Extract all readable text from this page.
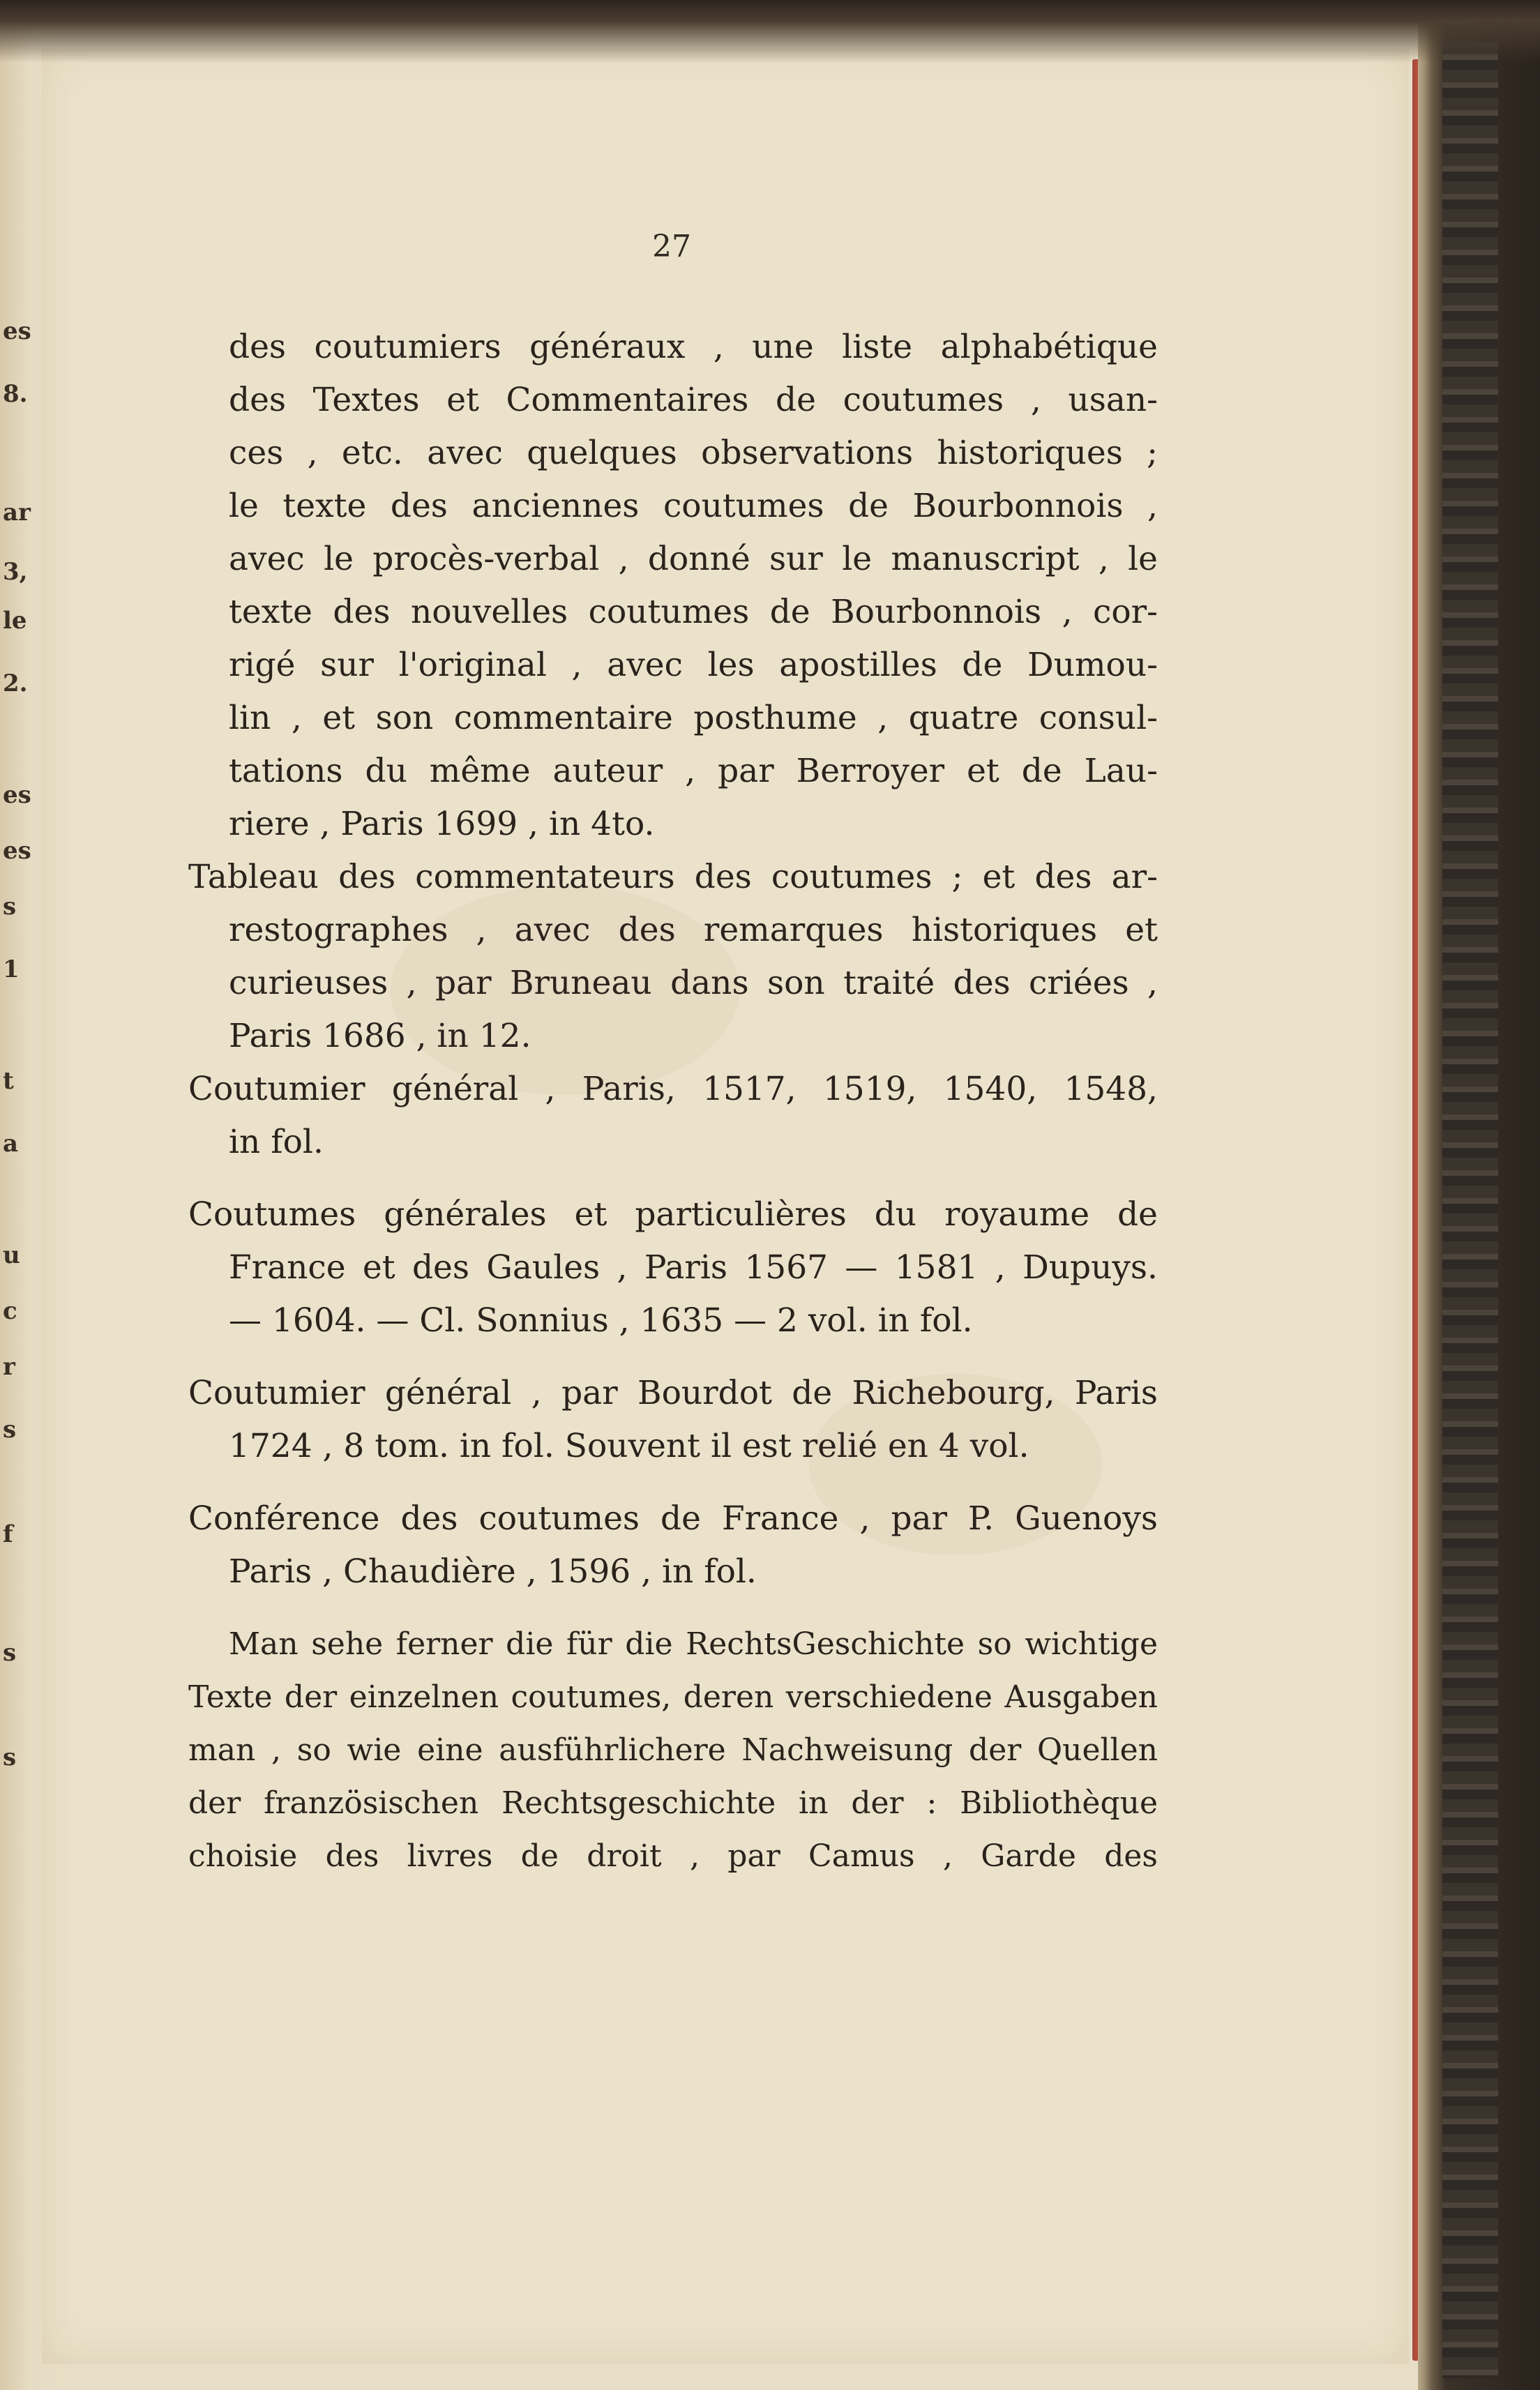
es
8.
ar
3,
le
2.
es
es
s
1
t
a
u
c
r
s
f
s
s
27
des coutumiers généraux , une liste alphabétique
des Textes et Commentaires de coutumes , usan-
ces , etc. avec quelques observations historiques ;
le texte des anciennes coutumes de Bourbonnois ,
avec le procès-verbal , donné sur le manuscript , le
texte des nouvelles coutumes de Bourbonnois , cor-
rigé sur l'original , avec les apostilles de Dumou-
lin , et son commentaire posthume , quatre consul-
tations du même auteur , par Berroyer et de Lau-
riere , Paris 1699 , in 4to.
Tableau des commentateurs des coutumes ; et des ar-
restographes , avec des remarques historiques et
curieuses , par Bruneau dans son traité des criées ,
Paris 1686 , in 12.
Coutumier général , Paris, 1517, 1519, 1540, 1548,
in fol.
Coutumes générales et particulières du royaume de
France et des Gaules , Paris 1567 — 1581 , Dupuys.
— 1604. — Cl. Sonnius , 1635 — 2 vol. in fol.
Coutumier général , par Bourdot de Richebourg, Paris
1724 , 8 tom. in fol. Souvent il est relié en 4 vol.
Conférence des coutumes de France , par P. Guenoys
Paris , Chaudière , 1596 , in fol.
Man sehe ferner die für die RechtsGeschichte so wichtige
Texte der einzelnen coutumes, deren verschiedene Ausgaben
man , so wie eine ausführlichere Nachweisung der Quellen
der französischen Rechtsgeschichte in der : Bibliothèque
choisie des livres de droit , par Camus , Garde des
